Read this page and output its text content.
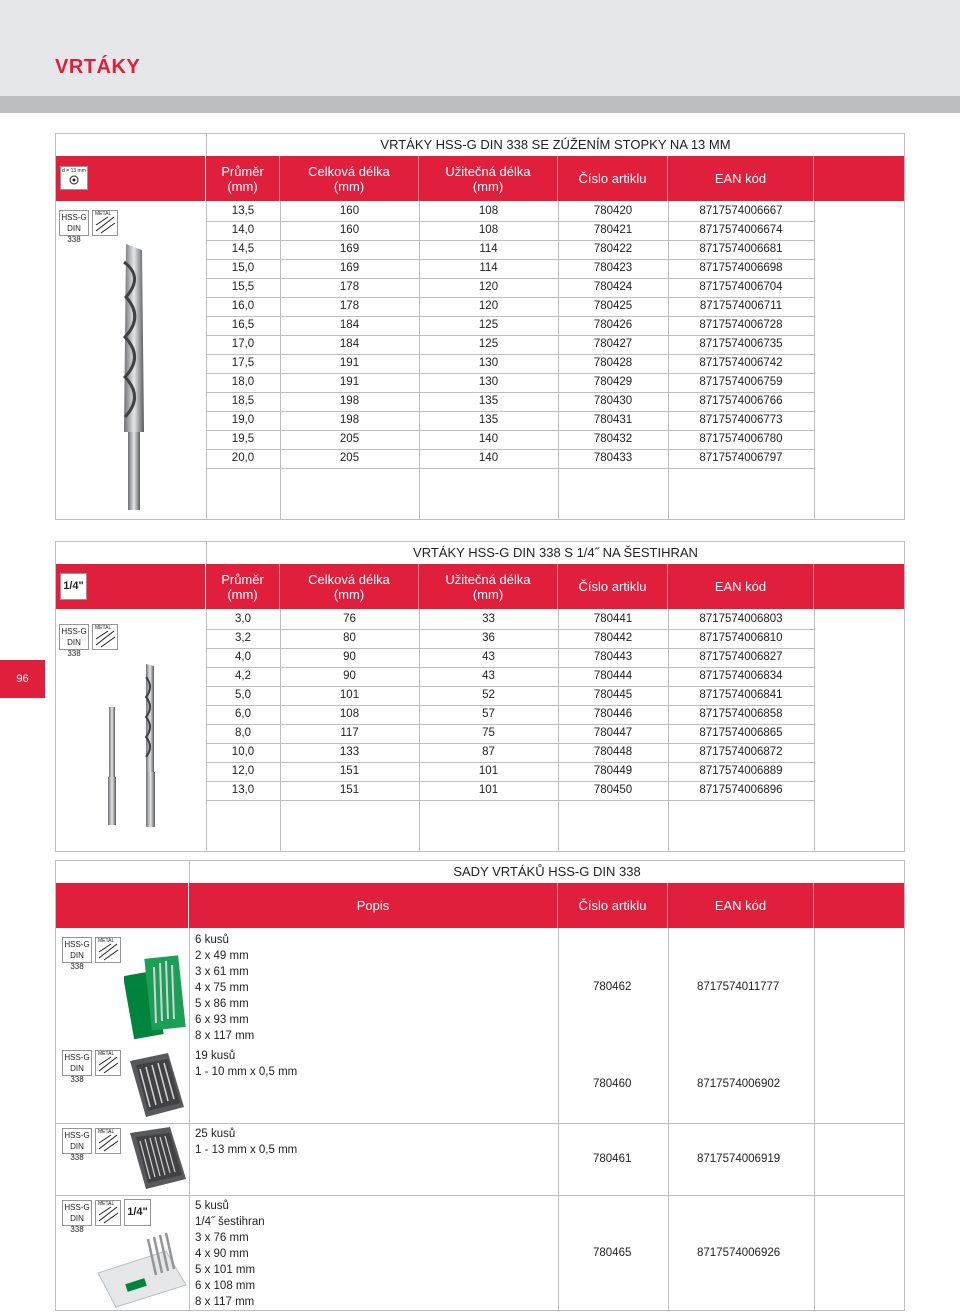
VRTÁKY
96
VRTÁKY HSS-G DIN 338 SE ZÚŽENÍM STOPKY NA 13 MM
d = 13 mm	Průměr
(mm)
Celková délka
(mm)
Užitečná délka
(mm)	Číslo artiklu	EAN kód
HSS-G
DIN 338
METAL	13,5	160	108	780420	8717574006667
14,0	160	108	780421	8717574006674
14,5	169	114	780422	8717574006681
15,0	169	114	780423	8717574006698
15,5	178	120	780424	8717574006704
16,0	178	120	780425	8717574006711
16,5	184	125	780426	8717574006728
17,0	184	125	780427	8717574006735
17,5	191	130	780428	8717574006742
18,0	191	130	780429	8717574006759
18,5	198	135	780430	8717574006766
19,0	198	135	780431	8717574006773
19,5	205	140	780432	8717574006780
20,0	205	140	780433	8717574006797
VRTÁKY HSS-G DIN 338 S 1/4˝ NA ŠESTIHRAN
1/4"	Průměr
(mm)
Celková délka
(mm)
Užitečná délka
(mm)	Číslo artiklu	EAN kód
HSS-G
DIN 338
METAL
3,0	76	33	780441	8717574006803
3,2	80	36	780442	8717574006810
4,0	90	43	780443	8717574006827
4,2	90	43	780444	8717574006834
5,0	101	52	780445	8717574006841
6,0	108	57	780446	8717574006858
8,0	117	75	780447	8717574006865
10,0	133	87	780448	8717574006872
12,0	151	101	780449	8717574006889
13,0	151	101	780450	8717574006896
SADY VRTÁKŮ HSS-G DIN 338
Popis	Číslo artiklu	EAN kód
HSS-G
DIN 338
METAL	6 kusů
2 x 49 mm
3 x 61 mm
4 x 75 mm
5 x 86 mm
6 x 93 mm
8 x 117 mm
780462	8717574011777
HSS-G
DIN 338
METAL	19 kusů
1 - 10 mm x 0,5 mm
780460	8717574006902
HSS-G
DIN 338
METAL	25 kusů
1 - 13 mm x 0,5 mm
780461	8717574006919
HSS-G
DIN 338
METAL
1/4"	5 kusů
1/4˝ šestihran
3 x 76 mm
4 x 90 mm
5 x 101 mm
6 x 108 mm
8 x 117 mm
780465	8717574006926
